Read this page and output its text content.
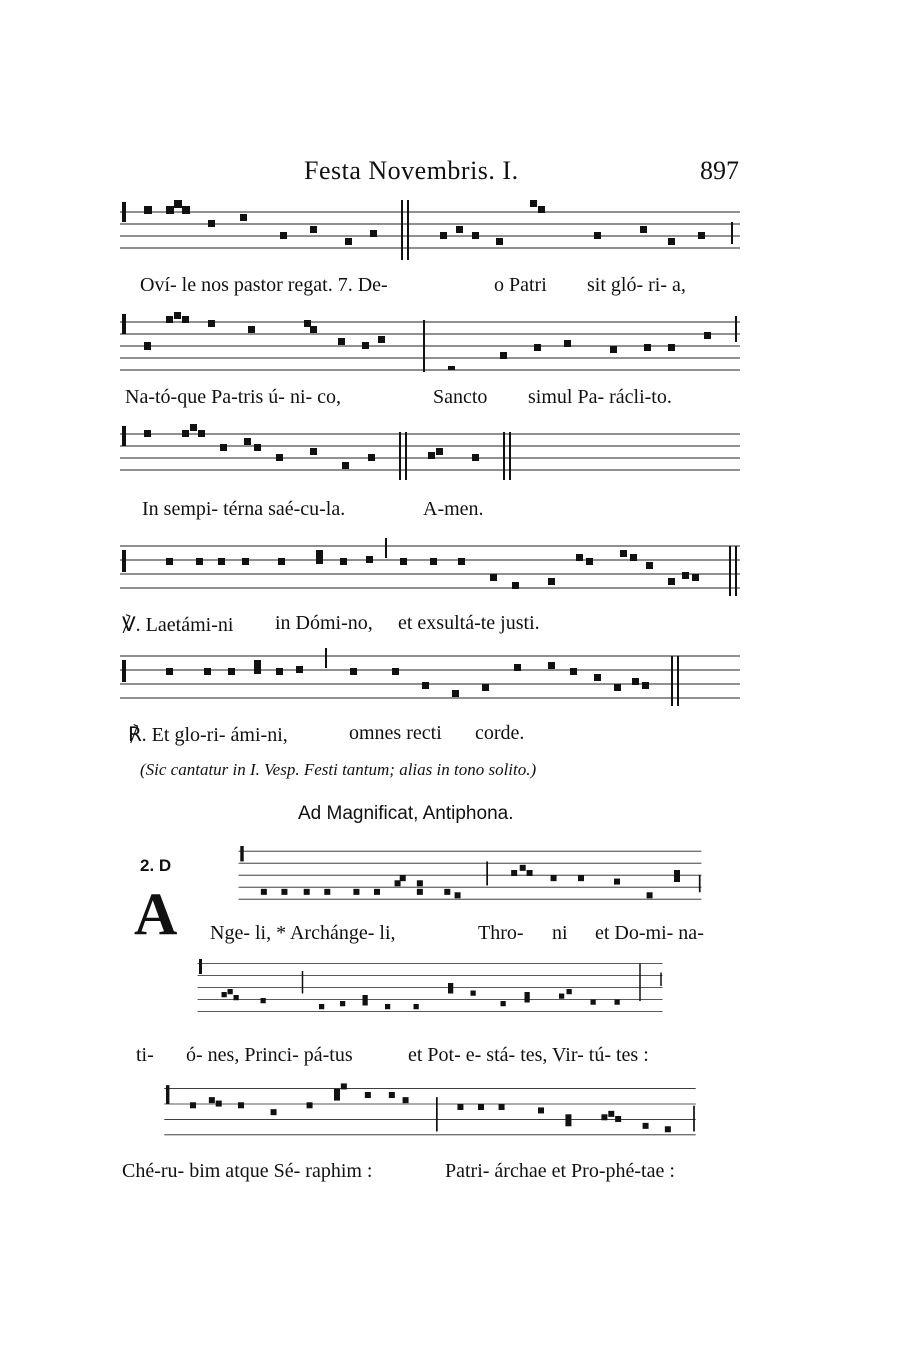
Festa Novembris. I.	897
Oví- le nos pastor regat. 7. De-	o Patri sit gló- ri- a,
Na-tó-que Pa-tris ú- ni- co,	Sancto simul Pa- rácli-to.
In sempi- térna saé-cu-la.	A-men.
℣. Laetámi-ni in Dómi-no, et exsultá-te justi.
℟. Et glo-ri- ámi-ni,	omnes recti corde.
(Sic cantatur in I. Vesp. Festi tantum; alias in tono solito.)
Ad Magnificat, Antiphona.
2. D
A Nge- li, * Archánge- li,	Thro- ni et Do-mi- na-
ti- ó- nes, Princi- pá-tus	et Pot- e- stá- tes, Vir- tú- tes :
Ché-ru- bim atque Sé- raphim :	Patri- árchae et Pro-phé-tae :
